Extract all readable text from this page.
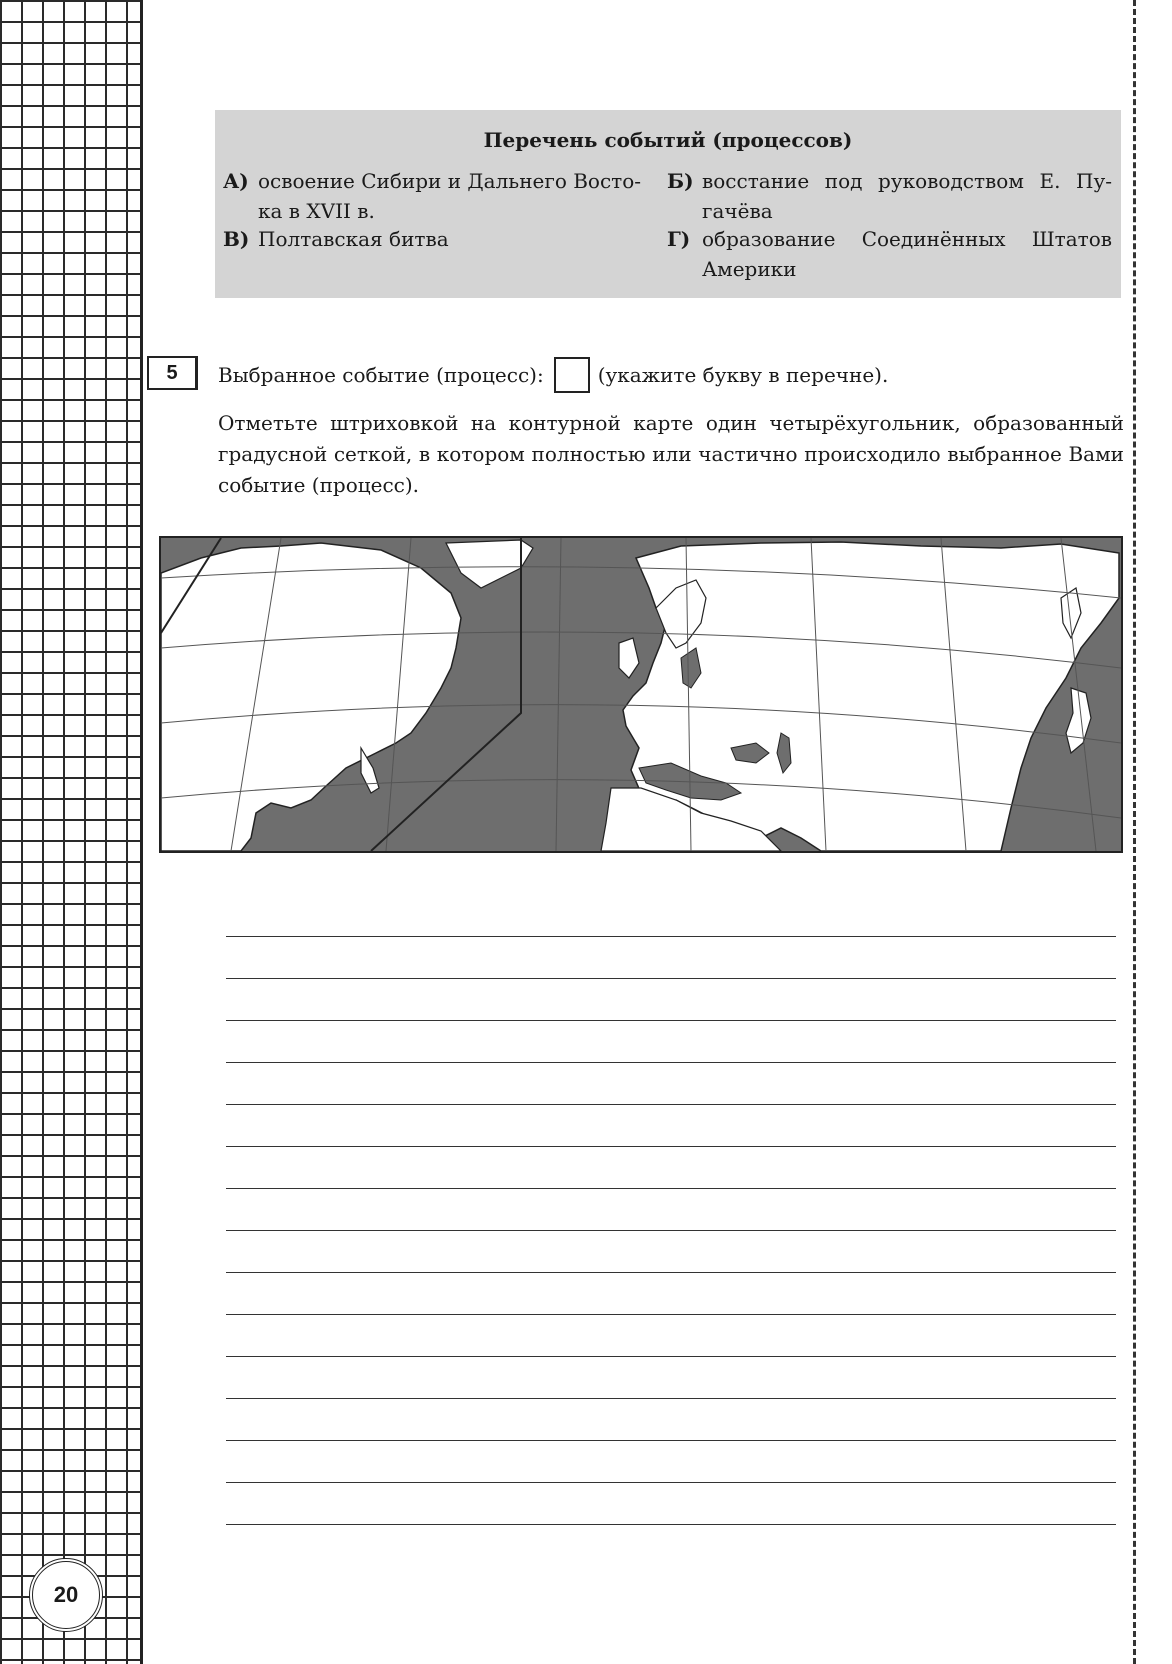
Перечень событий (процессов)
А) освоение Сибири и Дальнего Восто-ка в XVII в.
Б) восстание под руководством Е. Пу-гачёва
В) Полтавская битва	Г) образование Соединённых Штатов Америки
5	Выбранное событие (процесс):	(укажите букву в перечне).
Отметьте штриховкой на контурной карте один четырёхугольник, образованный градусной сеткой, в котором полностью или частично происходило выбранное Вами событие (процесс).
20
